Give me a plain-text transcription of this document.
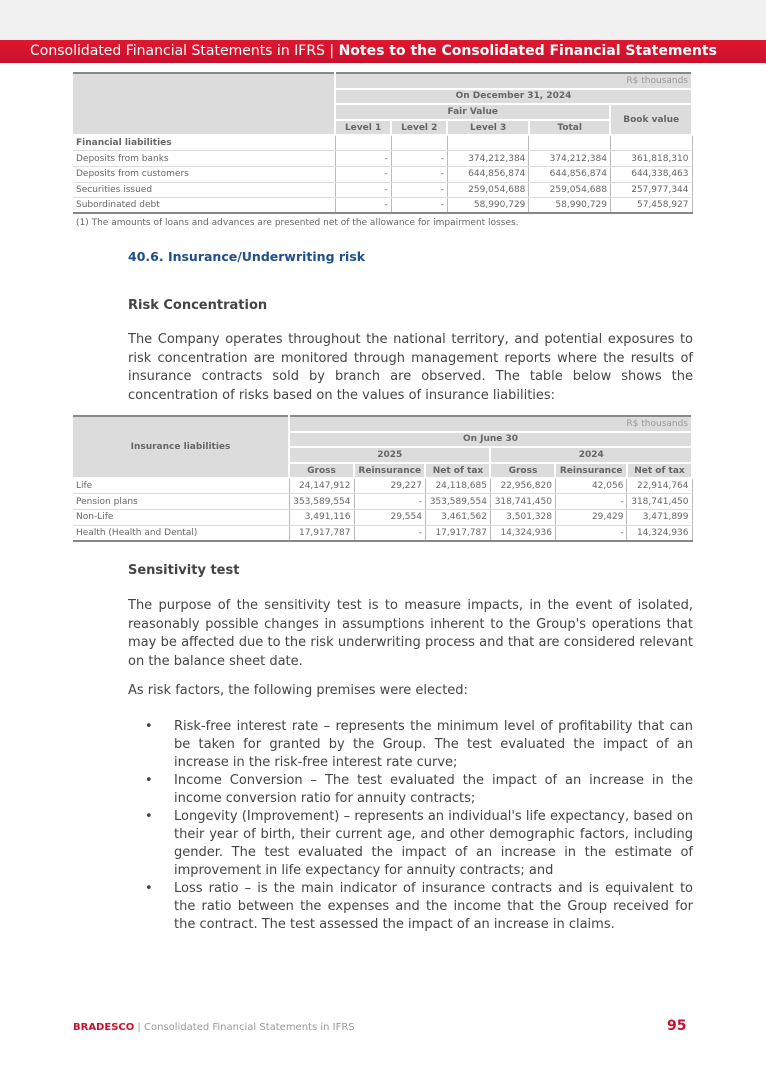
Consolidated Financial Statements in IFRS | Notes to the Consolidated Financial Statements
	R$ thousands				
	On December 31, 2024				
	Fair Value				Book value
	Level 1	Level 2	Level 3	Total	
Financial liabilities					
Deposits from banks	-	-	374,212,384	374,212,384	361,818,310
Deposits from customers	-	-	644,856,874	644,856,874	644,338,463
Securities issued	-	-	259,054,688	259,054,688	257,977,344
Subordinated debt	-	-	58,990,729	58,990,729	57,458,927
(1) The amounts of loans and advances are presented net of the allowance for impairment losses.
40.6. Insurance/Underwriting risk
Risk Concentration
The Company operates throughout the national territory, and potential exposures to risk concentration are monitored through management reports where the results of insurance contracts sold by branch are observed. The table below shows the concentration of risks based on the values of insurance liabilities:
Insurance liabilities	R$ thousands					
	On June 30					
	2025			2024		
	Gross	Reinsurance	Net of tax	Gross	Reinsurance	Net of tax
Life	24,147,912	29,227	24,118,685	22,956,820	42,056	22,914,764
Pension plans	353,589,554	-	353,589,554	318,741,450	-	318,741,450
Non-Life	3,491,116	29,554	3,461,562	3,501,328	29,429	3,471,899
Health (Health and Dental)	17,917,787	-	17,917,787	14,324,936	-	14,324,936
Sensitivity test
The purpose of the sensitivity test is to measure impacts, in the event of isolated, reasonably possible changes in assumptions inherent to the Group's operations that may be affected due to the risk underwriting process and that are considered relevant on the balance sheet date.
As risk factors, the following premises were elected:
• Risk-free interest rate – represents the minimum level of profitability that can be taken for granted by the Group. The test evaluated the impact of an increase in the risk-free interest rate curve;
• Income Conversion – The test evaluated the impact of an increase in the income conversion ratio for annuity contracts;
• Longevity (Improvement) – represents an individual's life expectancy, based on their year of birth, their current age, and other demographic factors, including gender. The test evaluated the impact of an increase in the estimate of improvement in life expectancy for annuity contracts; and
• Loss ratio – is the main indicator of insurance contracts and is equivalent to the ratio between the expenses and the income that the Group received for the contract. The test assessed the impact of an increase in claims.
BRADESCO | Consolidated Financial Statements in IFRS	95
